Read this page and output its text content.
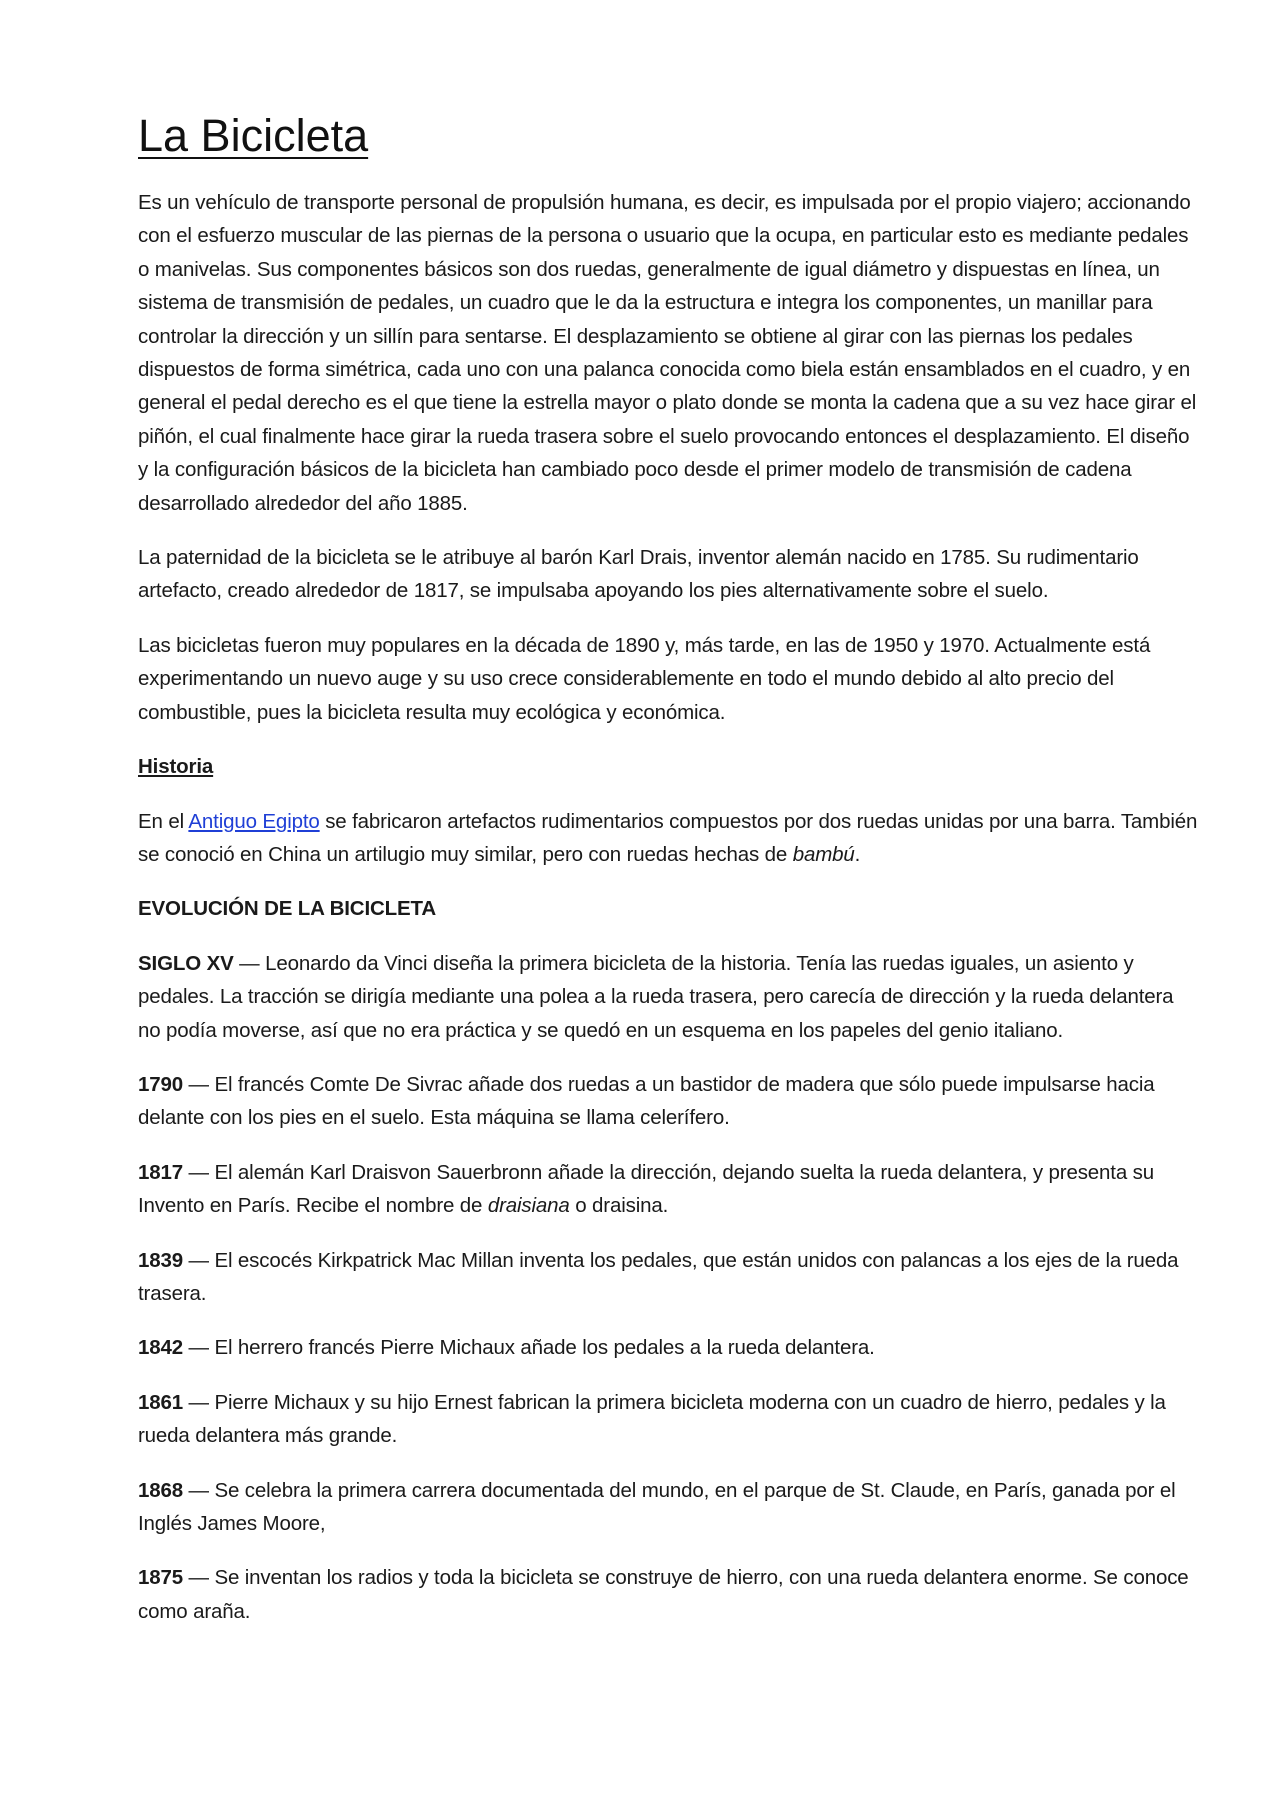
La Bicicleta

Es un vehículo de transporte personal de propulsión humana, es decir, es impulsada por el propio viajero; accionando con el esfuerzo muscular de las piernas de la persona o usuario que la ocupa, en particular esto es mediante pedales o manivelas. Sus componentes básicos son dos ruedas, generalmente de igual diámetro y dispuestas en línea, un sistema de transmisión de pedales, un cuadro que le da la estructura e integra los componentes, un manillar para controlar la dirección y un sillín para sentarse. El desplazamiento se obtiene al girar con las piernas los pedales dispuestos de forma simétrica, cada uno con una palanca conocida como biela están ensamblados en el cuadro, y en general el pedal derecho es el que tiene la estrella mayor o plato donde se monta la cadena que a su vez hace girar el piñón, el cual finalmente hace girar la rueda trasera sobre el suelo provocando entonces el desplazamiento. El diseño y la configuración básicos de la bicicleta han cambiado poco desde el primer modelo de transmisión de cadena desarrollado alrededor del año 1885.

La paternidad de la bicicleta se le atribuye al barón Karl Drais, inventor alemán nacido en 1785. Su rudimentario artefacto, creado alrededor de 1817, se impulsaba apoyando los pies alternativamente sobre el suelo.

Las bicicletas fueron muy populares en la década de 1890 y, más tarde, en las de 1950 y 1970. Actualmente está experimentando un nuevo auge y su uso crece considerablemente en todo el mundo debido al alto precio del combustible, pues la bicicleta resulta muy ecológica y económica.

Historia

En el Antiguo Egipto se fabricaron artefactos rudimentarios compuestos por dos ruedas unidas por una barra. También se conoció en China un artilugio muy similar, pero con ruedas hechas de bambú.

EVOLUCIÓN DE LA BICICLETA

SIGLO XV — Leonardo da Vinci diseña la primera bicicleta de la historia. Tenía las ruedas iguales, un asiento y pedales. La tracción se dirigía mediante una polea a la rueda trasera, pero carecía de dirección y la rueda delantera no podía moverse, así que no era práctica y se quedó en un esquema en los papeles del genio italiano.

1790 — El francés Comte De Sivrac añade dos ruedas a un bastidor de madera que sólo puede impulsarse hacia delante con los pies en el suelo. Esta máquina se llama celerífero.

1817 — El alemán Karl Draisvon Sauerbronn añade la dirección, dejando suelta la rueda delantera, y presenta su Invento en París. Recibe el nombre de draisiana o draisina.

1839 — El escocés Kirkpatrick Mac Millan inventa los pedales, que están unidos con palancas a los ejes de la rueda trasera.

1842 — El herrero francés Pierre Michaux añade los pedales a la rueda delantera.

1861 — Pierre Michaux y su hijo Ernest fabrican la primera bicicleta moderna con un cuadro de hierro, pedales y la rueda delantera más grande.

1868 — Se celebra la primera carrera documentada del mundo, en el parque de St. Claude, en París, ganada por el Inglés James Moore,

1875 — Se inventan los radios y toda la bicicleta se construye de hierro, con una rueda delantera enorme. Se conoce como araña.
